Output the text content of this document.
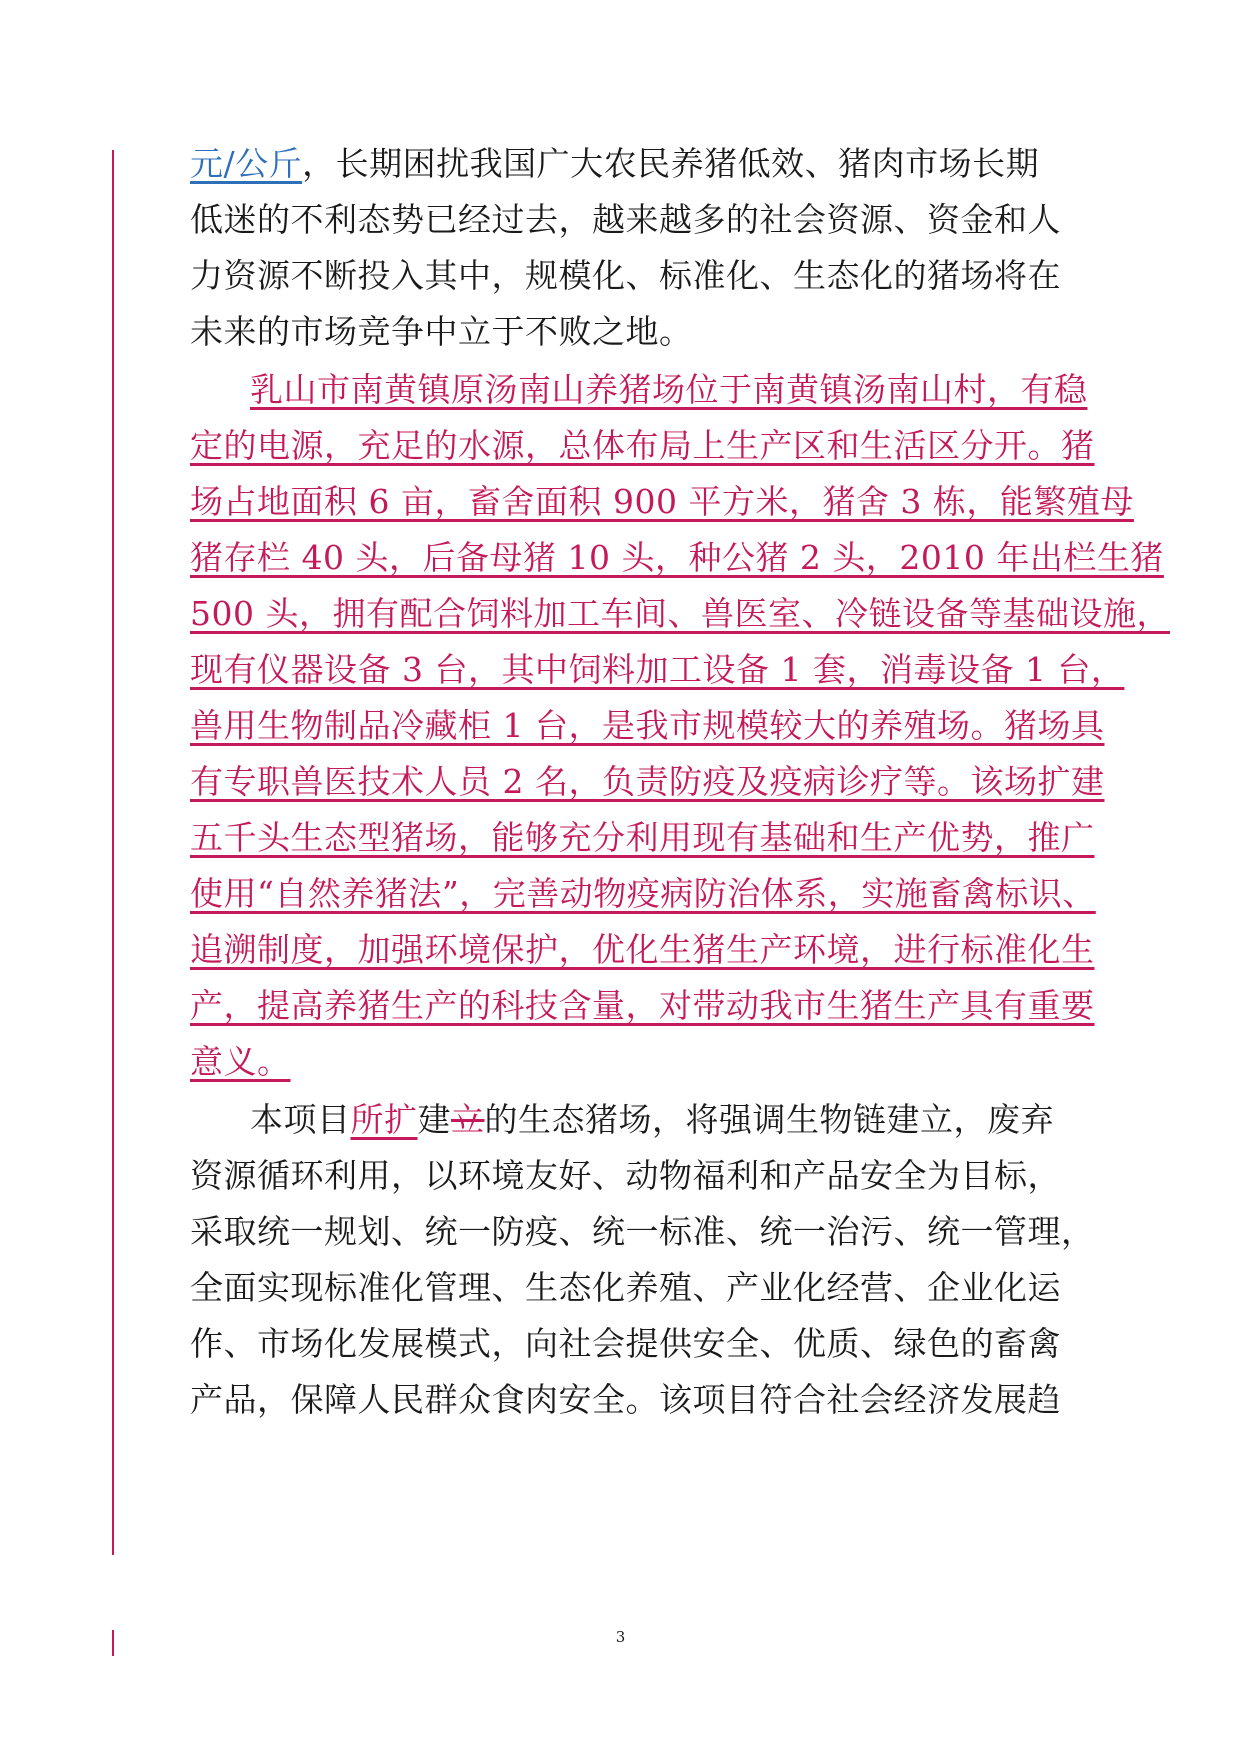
元/公斤，长期困扰我国广大农民养猪低效、猪肉市场长期

低迷的不利态势已经过去，越来越多的社会资源、资金和人

力资源不断投入其中，规模化、标准化、生态化的猪场将在

未来的市场竞争中立于不败之地。

乳山市南黄镇原汤南山养猪场位于南黄镇汤南山村，有稳

定的电源，充足的水源，总体布局上生产区和生活区分开。猪

场占地面积 6 亩，畜舍面积 900 平方米，猪舍 3 栋，能繁殖母

猪存栏 40 头，后备母猪 10 头，种公猪 2 头，2010 年出栏生猪

500 头，拥有配合饲料加工车间、兽医室、冷链设备等基础设施，

现有仪器设备 3 台，其中饲料加工设备 1 套，消毒设备 1 台，

兽用生物制品冷藏柜 1 台，是我市规模较大的养殖场。猪场具

有专职兽医技术人员 2 名，负责防疫及疫病诊疗等。该场扩建

五千头生态型猪场，能够充分利用现有基础和生产优势，推广

使用“自然养猪法”，完善动物疫病防治体系，实施畜禽标识、

追溯制度，加强环境保护，优化生猪生产环境，进行标准化生

产，提高养猪生产的科技含量，对带动我市生猪生产具有重要

意义。

本项目所扩建立的生态猪场，将强调生物链建立，废弃

资源循环利用，以环境友好、动物福利和产品安全为目标，

采取统一规划、统一防疫、统一标准、统一治污、统一管理，

全面实现标准化管理、生态化养殖、产业化经营、企业化运

作、市场化发展模式，向社会提供安全、优质、绿色的畜禽

产品，保障人民群众食肉安全。该项目符合社会经济发展趋

3
